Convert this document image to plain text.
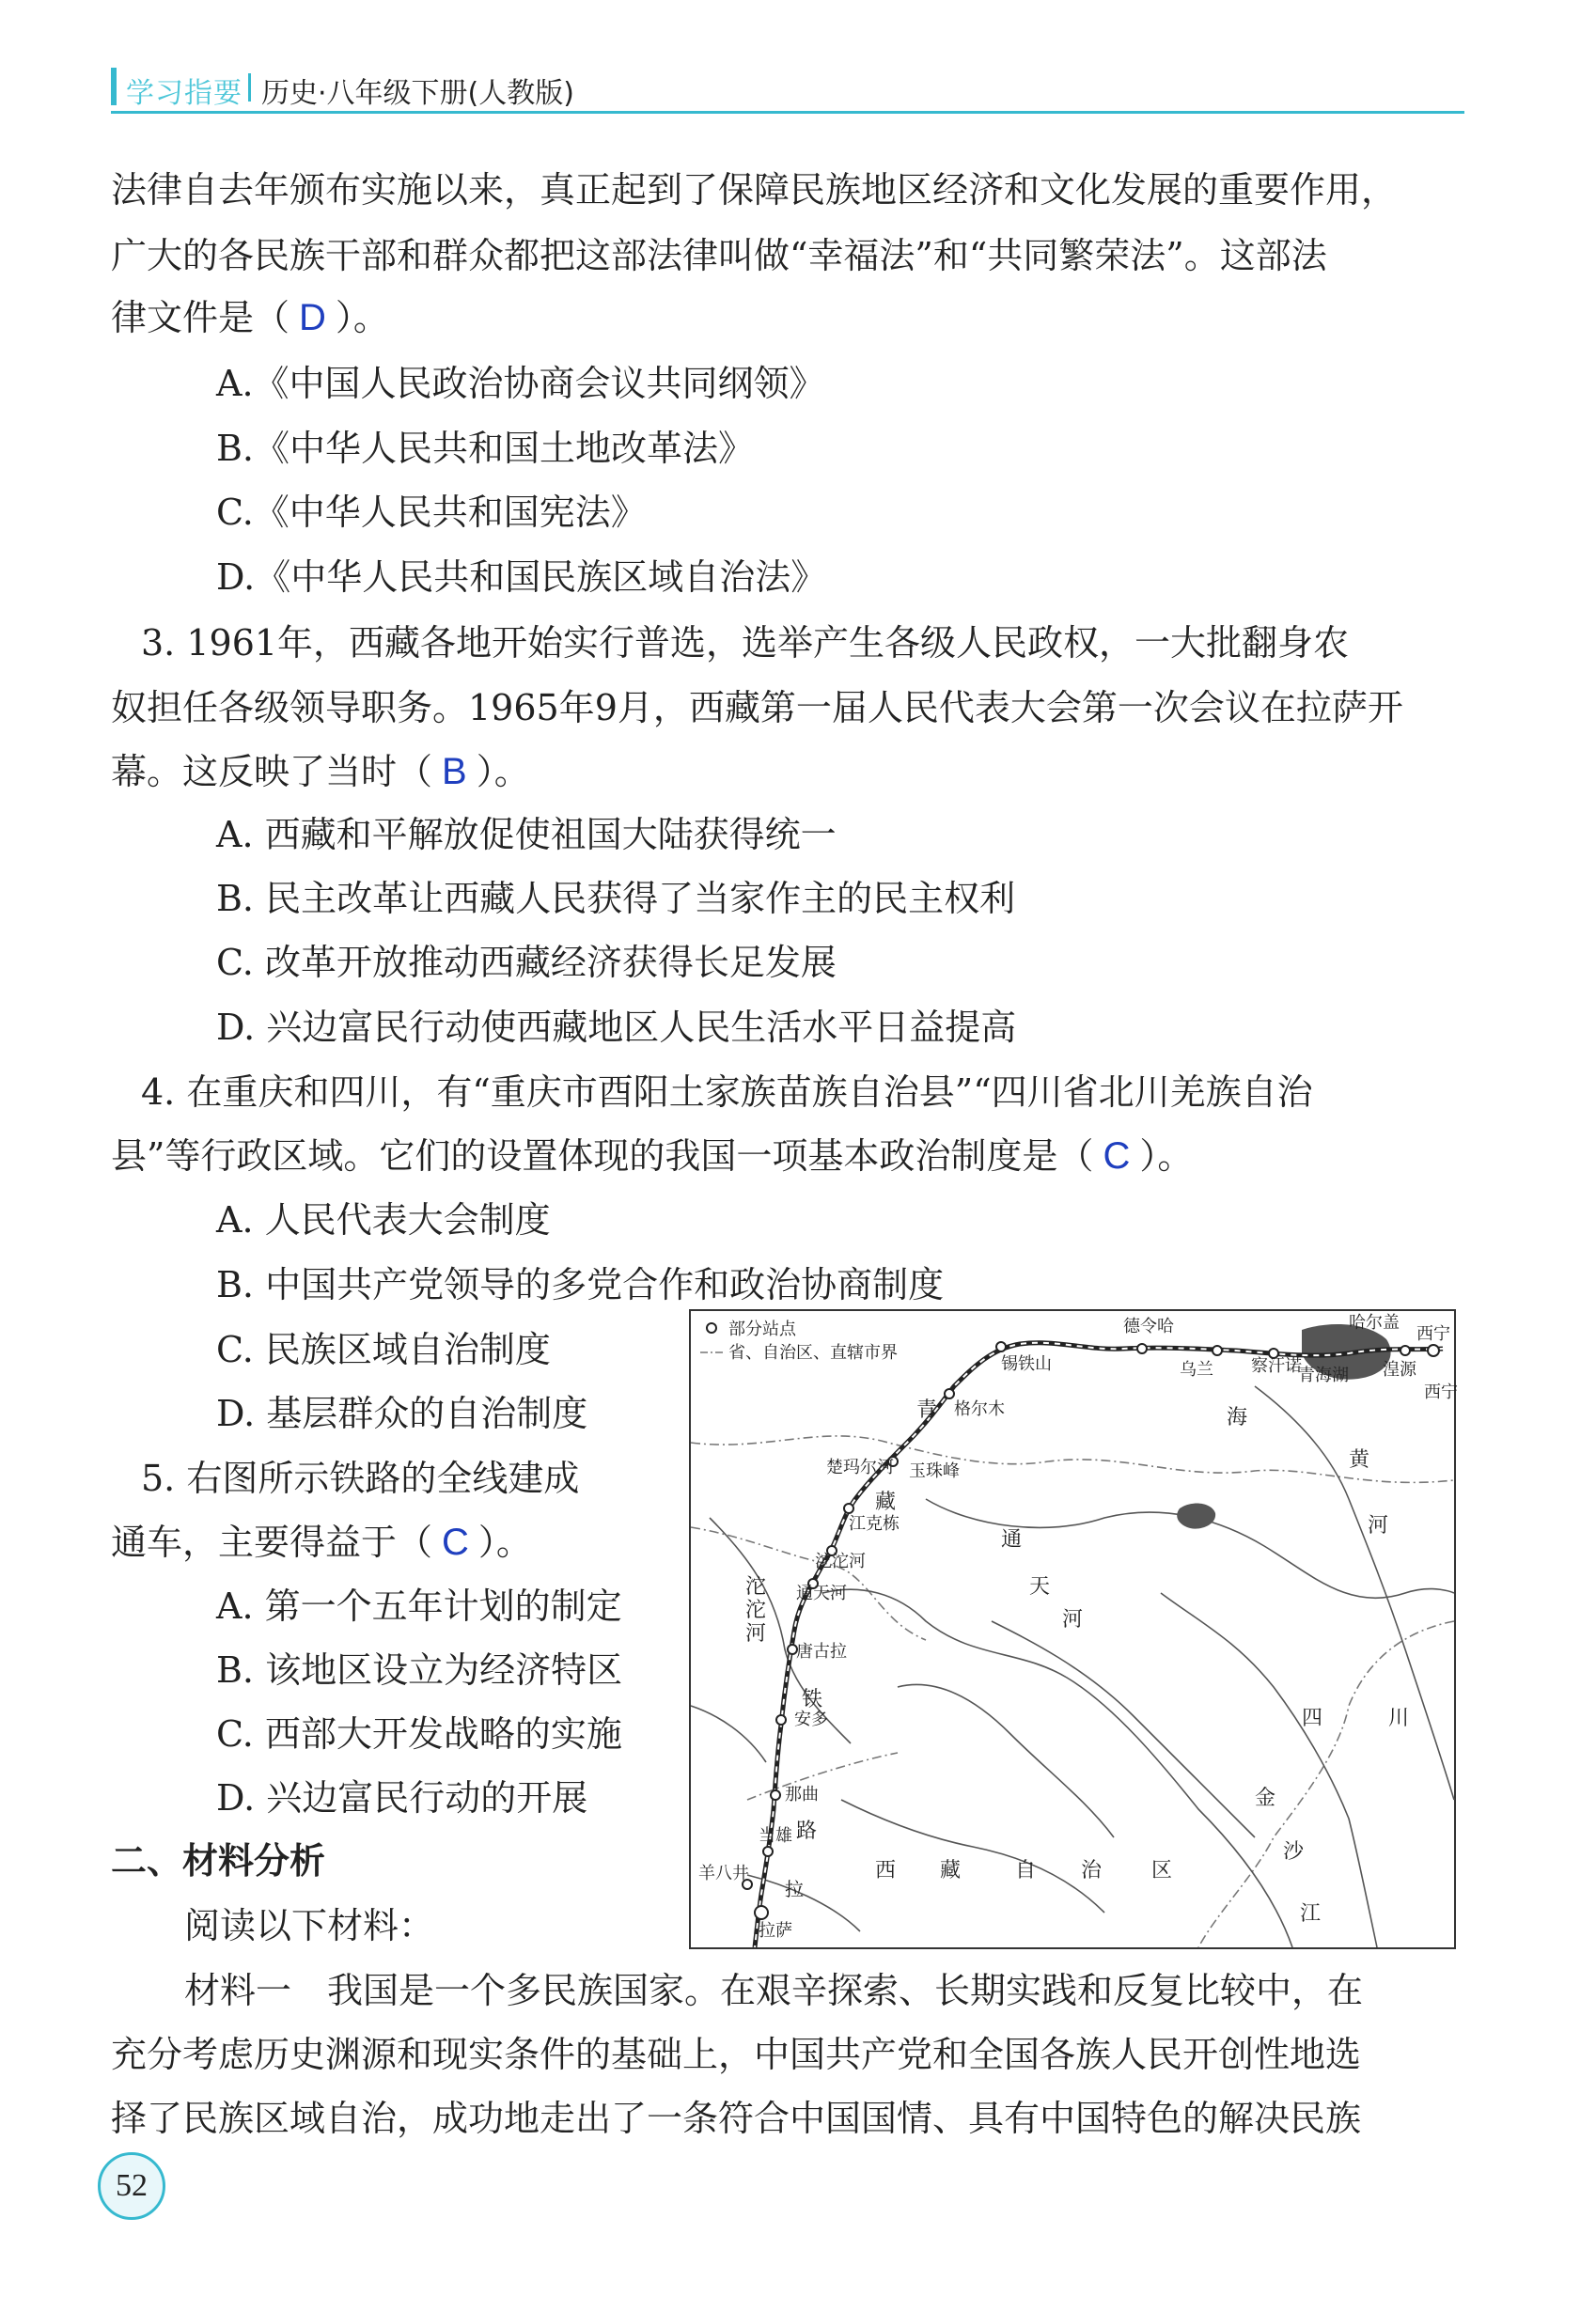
学习指要 历史·八年级下册(人教版)
法律自去年颁布实施以来，真正起到了保障民族地区经济和文化发展的重要作用，
广大的各民族干部和群众都把这部法律叫做“幸福法”和“共同繁荣法”。这部法
律文件是（ D ）。
A.《中国人民政治协商会议共同纲领》
B.《中华人民共和国土地改革法》
C.《中华人民共和国宪法》
D.《中华人民共和国民族区域自治法》
3. 1961年，西藏各地开始实行普选，选举产生各级人民政权，一大批翻身农
奴担任各级领导职务。1965年9月，西藏第一届人民代表大会第一次会议在拉萨开
幕。这反映了当时（ B ）。
A. 西藏和平解放促使祖国大陆获得统一
B. 民主改革让西藏人民获得了当家作主的民主权利
C. 改革开放推动西藏经济获得长足发展
D. 兴边富民行动使西藏地区人民生活水平日益提高
4. 在重庆和四川，有“重庆市酉阳土家族苗族自治县”“四川省北川羌族自治
县”等行政区域。它们的设置体现的我国一项基本政治制度是（ C ）。
A. 人民代表大会制度
B. 中国共产党领导的多党合作和政治协商制度
C. 民族区域自治制度
D. 基层群众的自治制度
5. 右图所示铁路的全线建成
通车，主要得益于（ C ）。
A. 第一个五年计划的制定
B. 该地区设立为经济特区
C. 西部大开发战略的实施
D. 兴边富民行动的开展
二、材料分析
阅读以下材料：
材料一　我国是一个多民族国家。在艰辛探索、长期实践和反复比较中，在
充分考虑历史渊源和现实条件的基础上，中国共产党和全国各族人民开创性地选
择了民族区域自治，成功地走出了一条符合中国国情、具有中国特色的解决民族
部分站点
省、自治区、直辖市界
德令哈	哈尔盖
西宁
锡铁山	乌兰 察汗诺	湟源
格尔木
楚玛尔河 玉珠峰
江克栋
沱沱河
通天河
唐古拉
安多
那曲
当雄
羊八井
拉萨
青	海
青海湖
黄
河
西宁
藏
铁
路
通
天
河
沱
沱
河
四	川
金
沙
江
西 藏	自 治 区
拉
52
